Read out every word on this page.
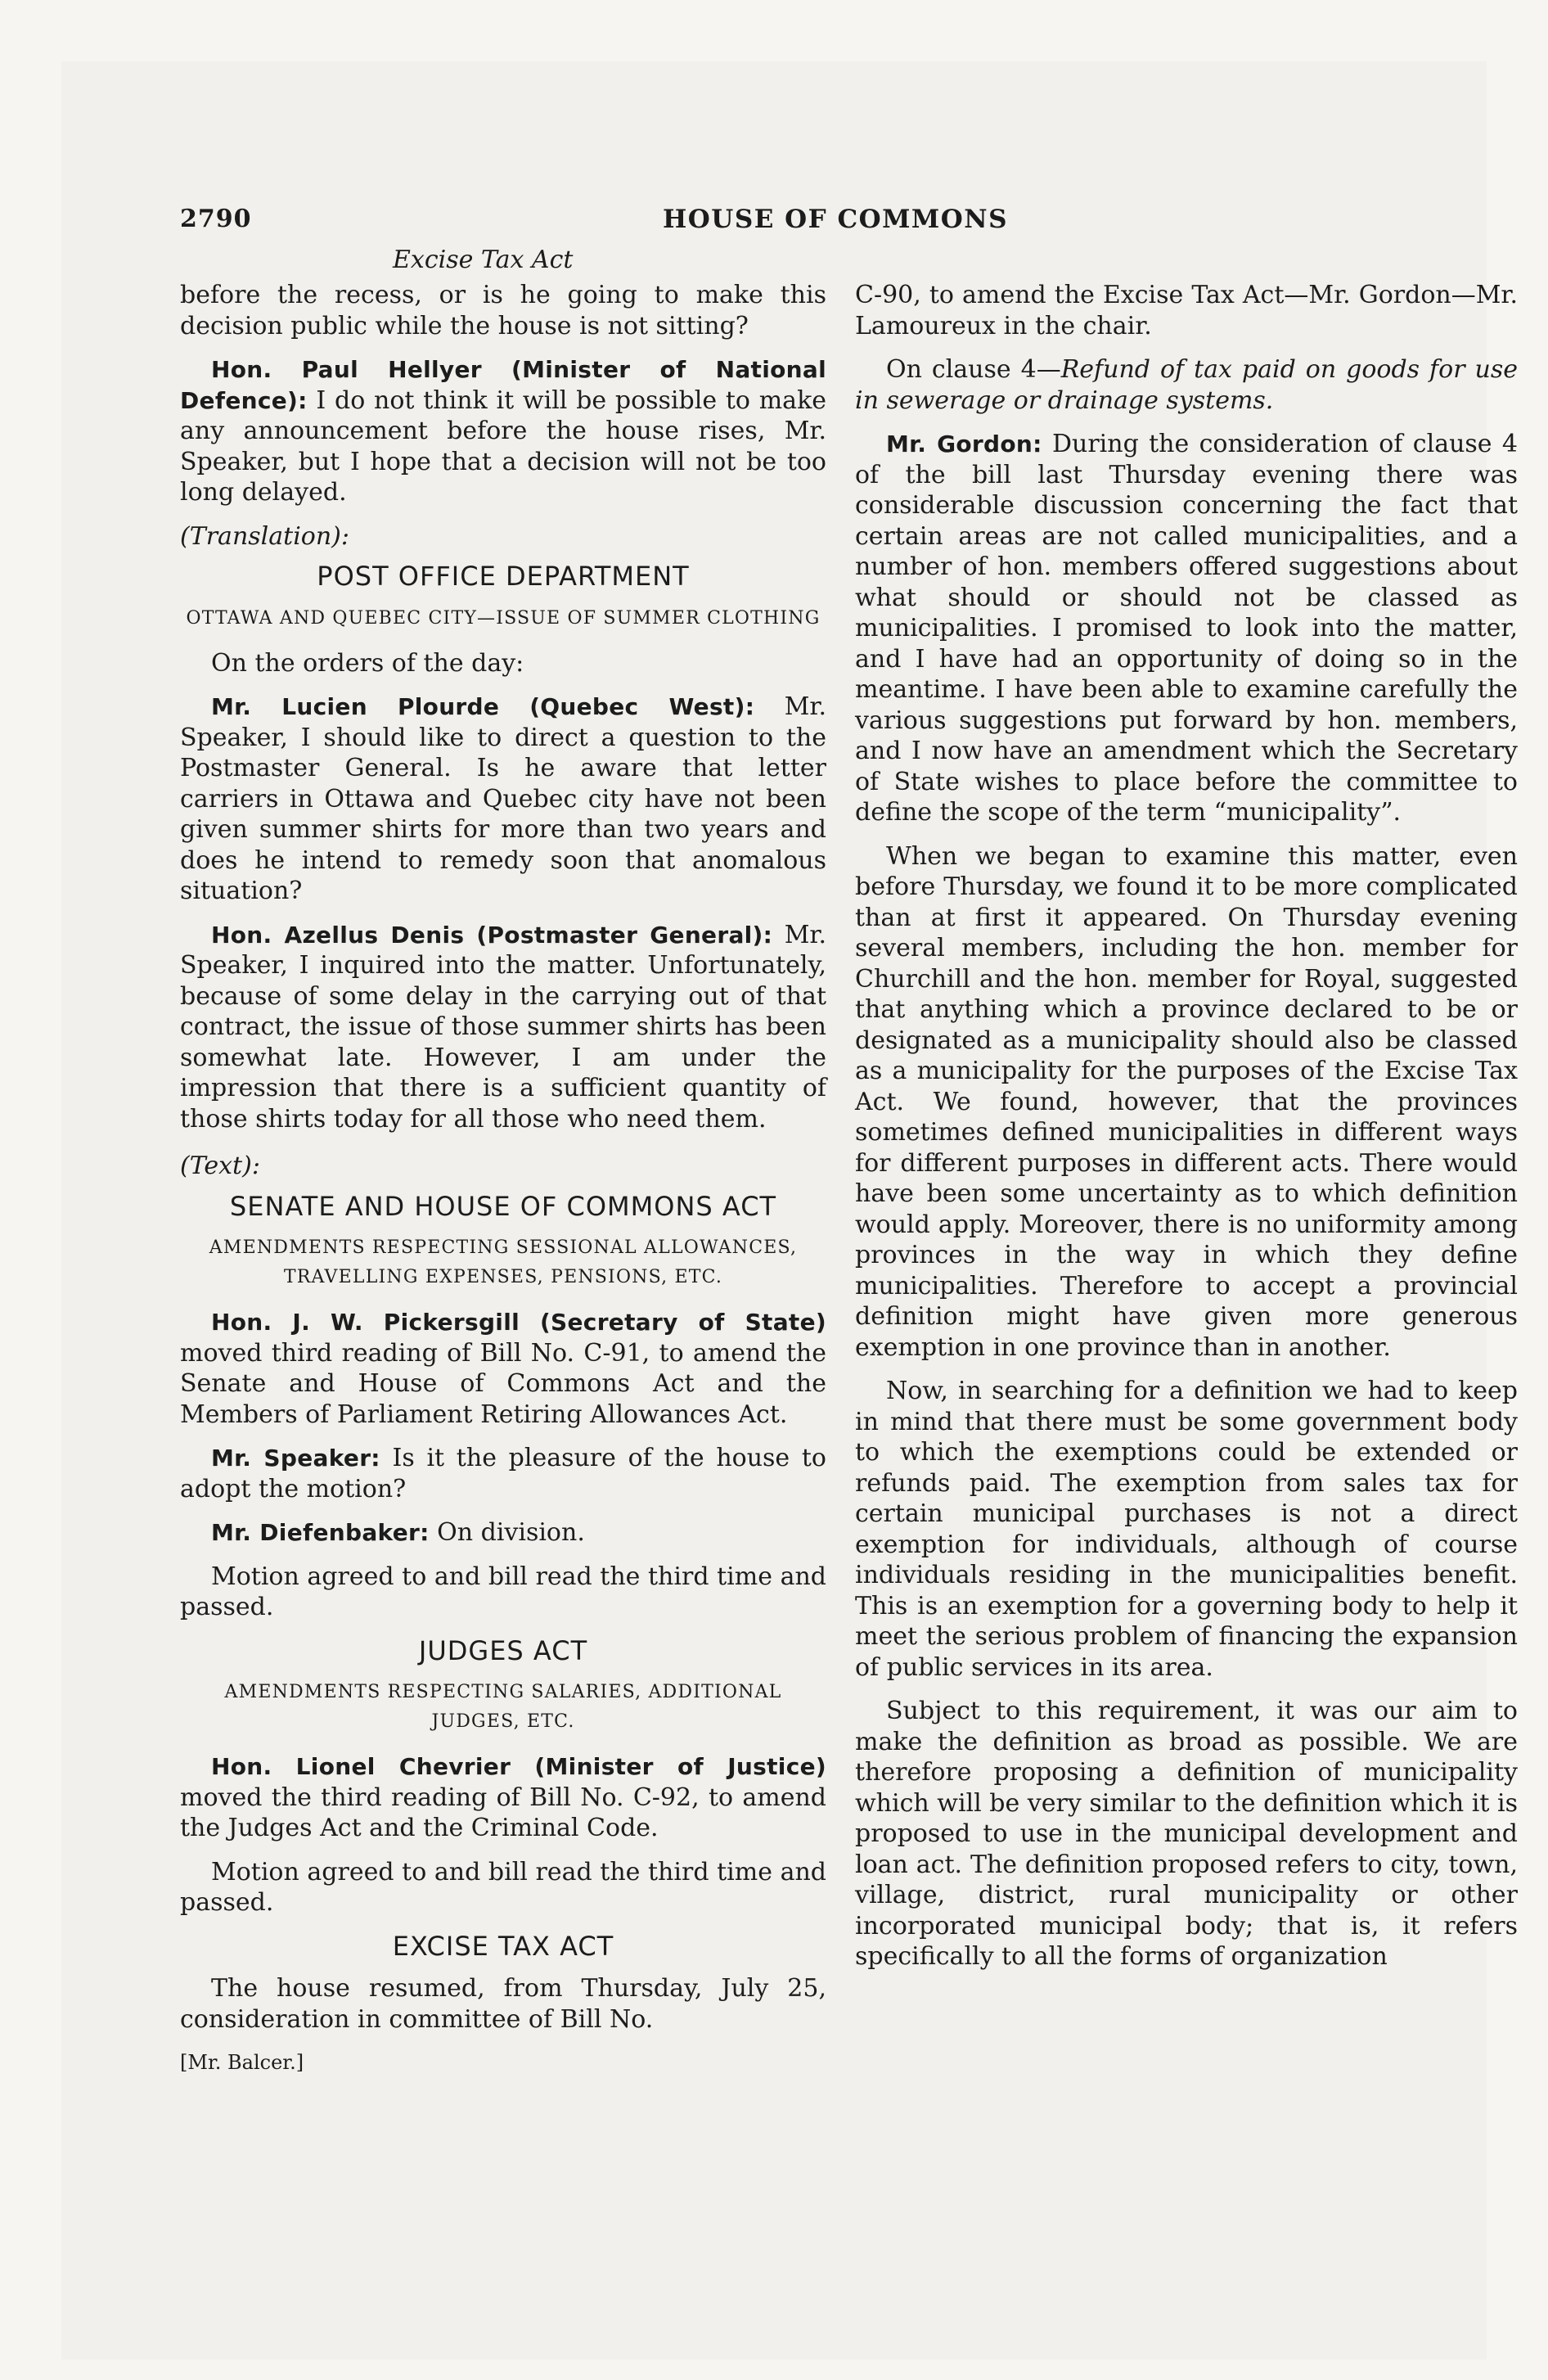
2790	HOUSE OF COMMONS
Excise Tax Act

before the recess, or is he going to make this decision public while the house is not sitting?

Hon. Paul Hellyer (Minister of National Defence): I do not think it will be possible to make any announcement before the house rises, Mr. Speaker, but I hope that a decision will not be too long delayed.

(Translation):

POST OFFICE DEPARTMENT
OTTAWA AND QUEBEC CITY—ISSUE OF SUMMER CLOTHING

On the orders of the day:

Mr. Lucien Plourde (Quebec West): Mr. Speaker, I should like to direct a question to the Postmaster General. Is he aware that letter carriers in Ottawa and Quebec city have not been given summer shirts for more than two years and does he intend to remedy soon that anomalous situation?

Hon. Azellus Denis (Postmaster General): Mr. Speaker, I inquired into the matter. Unfortunately, because of some delay in the carrying out of that contract, the issue of those summer shirts has been somewhat late. However, I am under the impression that there is a sufficient quantity of those shirts today for all those who need them.

(Text):

SENATE AND HOUSE OF COMMONS ACT
AMENDMENTS RESPECTING SESSIONAL ALLOWANCES, TRAVELLING EXPENSES, PENSIONS, ETC.

Hon. J. W. Pickersgill (Secretary of State) moved third reading of Bill No. C-91, to amend the Senate and House of Commons Act and the Members of Parliament Retiring Allowances Act.

Mr. Speaker: Is it the pleasure of the house to adopt the motion?

Mr. Diefenbaker: On division.

Motion agreed to and bill read the third time and passed.

JUDGES ACT
AMENDMENTS RESPECTING SALARIES, ADDITIONAL JUDGES, ETC.

Hon. Lionel Chevrier (Minister of Justice) moved the third reading of Bill No. C-92, to amend the Judges Act and the Criminal Code.

Motion agreed to and bill read the third time and passed.

EXCISE TAX ACT

The house resumed, from Thursday, July 25, consideration in committee of Bill No.

[Mr. Balcer.]

C-90, to amend the Excise Tax Act—Mr. Gordon—Mr. Lamoureux in the chair.

On clause 4—Refund of tax paid on goods for use in sewerage or drainage systems.

Mr. Gordon: During the consideration of clause 4 of the bill last Thursday evening there was considerable discussion concerning the fact that certain areas are not called municipalities, and a number of hon. members offered suggestions about what should or should not be classed as municipalities. I promised to look into the matter, and I have had an opportunity of doing so in the meantime. I have been able to examine carefully the various suggestions put forward by hon. members, and I now have an amendment which the Secretary of State wishes to place before the committee to define the scope of the term “municipality”.

When we began to examine this matter, even before Thursday, we found it to be more complicated than at first it appeared. On Thursday evening several members, including the hon. member for Churchill and the hon. member for Royal, suggested that anything which a province declared to be or designated as a municipality should also be classed as a municipality for the purposes of the Excise Tax Act. We found, however, that the provinces sometimes defined municipalities in different ways for different purposes in different acts. There would have been some uncertainty as to which definition would apply. Moreover, there is no uniformity among provinces in the way in which they define municipalities. Therefore to accept a provincial definition might have given more generous exemption in one province than in another.

Now, in searching for a definition we had to keep in mind that there must be some government body to which the exemptions could be extended or refunds paid. The exemption from sales tax for certain municipal purchases is not a direct exemption for individuals, although of course individuals residing in the municipalities benefit. This is an exemption for a governing body to help it meet the serious problem of financing the expansion of public services in its area.

Subject to this requirement, it was our aim to make the definition as broad as possible. We are therefore proposing a definition of municipality which will be very similar to the definition which it is proposed to use in the municipal development and loan act. The definition proposed refers to city, town, village, district, rural municipality or other incorporated municipal body; that is, it refers specifically to all the forms of organization
